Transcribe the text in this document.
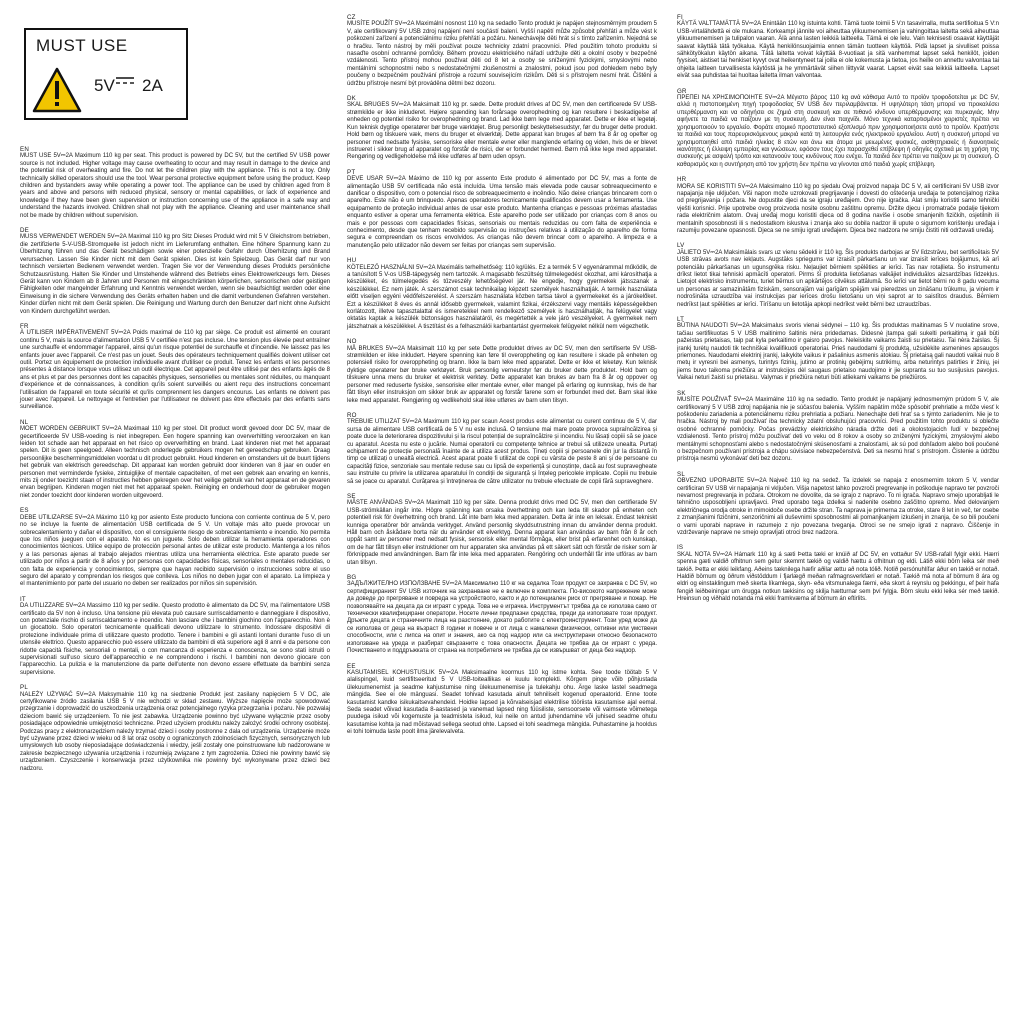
MUST USE
5V 2A
EN
MUST USE 5V⎓2A Maximum 110 kg per seat. This product is powered by DC 5V, but the certified 5V USB power source is not included. Higher voltage may cause overheating to occur and may result in damage to the device and the potential risk of overheating and fire. Do not let the children play with the appliance. This is not a toy. Only technically skilled operators should use the tool. Wear personal protective equipment before using the product. Keep children and bystanders away while operating a power tool. The appliance can be used by children aged from 8 years and above and persons with reduced physical, sensory or mental capabilities, or lack of experience and knowledge if they have been given supervision or instruction concerning use of the appliance in a safe way and understand the hazards involved. Children shall not play with the appliance. Cleaning and user maintenance shall not be made by children without supervision.
DE
MUSS VERWENDET WERDEN 5V⎓2A Maximal 110 kg pro Sitz Dieses Produkt wird mit 5 V Gleichstrom betrieben, die zertifizierte 5-V-USB-Stromquelle ist jedoch nicht im Lieferumfang enthalten. Eine höhere Spannung kann zu Überhitzung führen und das Gerät beschädigen sowie einer potenzielle Gefahr durch Überhitzung und Brand verursachen. Lassen Sie Kinder nicht mit dem Gerät spielen. Dies ist kein Spielzeug. Das Gerät darf nur von technisch versierten Bedienern verwendet werden. Tragen Sie vor der Verwendung dieses Produkts persönliche Schutzausrüstung. Halten Sie Kinder und Umstehende während des Betriebs eines Elektrowerkzeugs fern. Dieses Gerät kann von Kindern ab 8 Jahren und Personen mit eingeschränkten körperlichen, sensorischen oder geistigen Fähigkeiten oder mangelnder Erfahrung und Kenntnis verwendet werden, wenn sie beaufsichtigt werden oder eine Einweisung in die sichere Verwendung des Geräts erhalten haben und die damit verbundenen Gefahren verstehen. Kinder dürfen nicht mit dem Gerät spielen. Die Reinigung und Wartung durch den Benutzer darf nicht ohne Aufsicht von Kindern durchgeführt werden.
FR
À UTILISER IMPÉRATIVEMENT 5V⎓2A Poids maximal de 110 kg par siège. Ce produit est alimenté en courant continu 5 V, mais la source d'alimentation USB 5 V certifiée n'est pas incluse. Une tension plus élevée peut entraîner une surchauffe et endommager l'appareil, ainsi qu'un risque potentiel de surchauffe et d'incendie. Ne laissez pas les enfants jouer avec l'appareil. Ce n'est pas un jouet. Seuls des opérateurs techniquement qualifiés doivent utiliser cet outil. Portez un équipement de protection individuelle avant d'utiliser ce produit. Tenez les enfants et les personnes présentes à distance lorsque vous utilisez un outil électrique. Cet appareil peut être utilisé par des enfants âgés de 8 ans et plus et par des personnes dont les capacités physiques, sensorielles ou mentales sont réduites, ou manquant d'expérience et de connaissances, à condition qu'ils soient surveillés ou aient reçu des instructions concernant l'utilisation de l'appareil en toute sécurité et qu'ils comprennent les dangers encourus. Les enfants ne doivent pas jouer avec l'appareil. Le nettoyage et l'entretien par l'utilisateur ne doivent pas être effectués par des enfants sans surveillance.
NL
MOET WORDEN GEBRUIKT 5V⎓2A Maximaal 110 kg per stoel. Dit product wordt gevoed door DC 5V, maar de gecertificeerde 5V USB-voeding is niet inbegrepen. Een hogere spanning kan oververhitting veroorzaken en kan leiden tot schade aan het apparaat en het risico op oververhitting en brand. Laat kinderen niet met het apparaat spelen. Dit is geen speelgoed. Alleen technisch onderlegde gebruikers mogen het gereedschap gebruiken. Draag persoonlijke beschermingsmiddelen voordat u dit product gebruikt. Houd kinderen en omstanders uit de buurt tijdens het gebruik van elektrisch gereedschap. Dit apparaat kan worden gebruikt door kinderen van 8 jaar en ouder en personen met verminderde fysieke, zintuiglijke of mentale capaciteiten, of met een gebrek aan ervaring en kennis, mits zij onder toezicht staan of instructies hebben gekregen over het veilige gebruik van het apparaat en de gevaren ervan begrijpen. Kinderen mogen niet met het apparaat spelen. Reiniging en onderhoud door de gebruiker mogen niet zonder toezicht door kinderen worden uitgevoerd.
ES
DEBE UTILIZARSE 5V⎓2A Máximo 110 kg por asiento Este producto funciona con corriente continua de 5 V, pero no se incluye la fuente de alimentación USB certificada de 5 V. Un voltaje más alto puede provocar un sobrecalentamiento y dañar el dispositivo, con el consiguiente riesgo de sobrecalentamiento e incendio. No permita que los niños jueguen con el aparato. No es un juguete. Solo deben utilizar la herramienta operadores con conocimientos técnicos. Utilice equipo de protección personal antes de utilizar este producto. Mantenga a los niños y a las personas ajenas al trabajo alejados mientras utiliza una herramienta eléctrica. Este aparato puede ser utilizado por niños a partir de 8 años y por personas con capacidades físicas, sensoriales o mentales reducidas, o con falta de experiencia y conocimientos, siempre que hayan recibido supervisión o instrucciones sobre el uso seguro del aparato y comprendan los riesgos que conlleva. Los niños no deben jugar con el aparato. La limpieza y el mantenimiento por parte del usuario no deben ser realizados por niños sin supervisión.
IT
DA UTILIZZARE 5V⎓2A Massimo 110 kg per sedile. Questo prodotto è alimentato da DC 5V, ma l'alimentatore USB certificato da 5V non è incluso. Una tensione più elevata può causare surriscaldamento e danneggiare il dispositivo, con potenziale rischio di surriscaldamento e incendio. Non lasciare che i bambini giochino con l'apparecchio. Non è un giocattolo. Solo operatori tecnicamente qualificati devono utilizzare lo strumento. Indossare dispositivi di protezione individuale prima di utilizzare questo prodotto. Tenere i bambini e gli astanti lontani durante l'uso di un utensile elettrico. Questo apparecchio può essere utilizzato da bambini di età superiore agli 8 anni e da persone con ridotte capacità fisiche, sensoriali o mentali, o con mancanza di esperienza e conoscenza, se sono stati istruiti o supervisionati sull'uso sicuro dell'apparecchio e ne comprendono i rischi. I bambini non devono giocare con l'apparecchio. La pulizia e la manutenzione da parte dell'utente non devono essere effettuate da bambini senza supervisione.
PL
NALEŻY UŻYWAĆ 5V⎓2A Maksymalnie 110 kg na siedzenie Produkt jest zasilany napięciem 5 V DC, ale certyfikowane źródło zasilania USB 5 V nie wchodzi w skład zestawu. Wyższe napięcie może spowodować przegrzanie i doprowadzić do uszkodzenia urządzenia oraz potencjalnego ryzyka przegrzania i pożaru. Nie pozwalaj dzieciom bawić się urządzeniem. To nie jest zabawka. Urządzenie powinno być używane wyłącznie przez osoby posiadające odpowiednie umiejętności techniczne. Przed użyciem produktu należy założyć środki ochrony osobistej. Podczas pracy z elektronarzędziem należy trzymać dzieci i osoby postronne z dala od urządzenia. Urządzenie może być używane przez dzieci w wieku od 8 lat oraz osoby o ograniczonych zdolnościach fizycznych, sensorycznych lub umysłowych lub osoby nieposiadające doświadczenia i wiedzy, jeśli zostały one poinstruowane lub nadzorowane w zakresie bezpiecznego używania urządzenia i rozumieją związane z tym zagrożenia. Dzieci nie powinny bawić się urządzeniem. Czyszczenie i konserwacja przez użytkownika nie powinny być wykonywane przez dzieci bez nadzoru.
CZ
MUSÍTE POUŽÍT 5V⎓2A Maximální nosnost 110 kg na sedadlo Tento produkt je napájen stejnosměrným proudem 5 V, ale certifikovaný 5V USB zdroj napájení není součástí balení. Vyšší napětí může způsobit přehřátí a může vést k poškození zařízení a potenciálnímu riziku přehřátí a požáru. Nenechávejte děti hrát si s tímto zařízením. Nejedná se o hračku. Tento nástroj by měli používat pouze technicky zdatní pracovníci. Před použitím tohoto produktu si nasaďte osobní ochranné pomůcky. Během provozu elektrického nářadí udržujte děti a okolní osoby v bezpečné vzdálenosti. Tento přístroj mohou používat děti od 8 let a osoby se sníženými fyzickými, smyslovými nebo mentálními schopnostmi nebo s nedostatečnými zkušenostmi a znalostmi, pokud jsou pod dohledem nebo byly poučeny o bezpečném používání přístroje a rozumí souvisejícím rizikům. Děti si s přístrojem nesmí hrát. Čištění a údržbu přístroje nesmí být prováděna dětmi bez dozoru.
DK
SKAL BRUGES 5V⎓2A Maksimalt 110 kg pr. sæde. Dette produkt drives af DC 5V, men den certificerede 5V USB-strømkilde er ikke inkluderet. Højere spænding kan forårsage overophedning og kan resultere i beskadigelse af enheden og potentiel risiko for overophedning og brand. Lad ikke børn lege med apparatet. Dette er ikke et legetøj. Kun teknisk dygtige operatører bør bruge værktøjet. Brug personligt beskyttelsesudstyr, før du bruger dette produkt. Hold børn og tilskuere væk, mens du bruger et elværktøj. Dette apparat kan bruges af børn fra 8 år og opefter og personer med nedsatte fysiske, sensoriske eller mentale evner eller manglende erfaring og viden, hvis de er blevet instrueret i sikker brug af apparatet og forstår de risici, der er forbundet hermed. Børn må ikke lege med apparatet. Rengøring og vedligeholdelse må ikke udføres af børn uden opsyn.
PT
DEVE USAR 5V⎓2A Máximo de 110 kg por assento Este produto é alimentado por DC 5V, mas a fonte de alimentação USB 5V certificada não está incluída. Uma tensão mais elevada pode causar sobreaquecimento e danificar o dispositivo, com o potencial risco de sobreaquecimento e incêndio. Não deixe crianças brincarem com o aparelho. Este não é um brinquedo. Apenas operadores tecnicamente qualificados devem usar a ferramenta. Use equipamento de proteção individual antes de usar este produto. Mantenha crianças e pessoas próximas afastadas enquanto estiver a operar uma ferramenta elétrica. Este aparelho pode ser utilizado por crianças com 8 anos ou mais e por pessoas com capacidades físicas, sensoriais ou mentais reduzidas ou com falta de experiência e conhecimento, desde que tenham recebido supervisão ou instruções relativas à utilização do aparelho de forma segura e compreendam os riscos envolvidos. As crianças não devem brincar com o aparelho. A limpeza e a manutenção pelo utilizador não devem ser feitas por crianças sem supervisão.
HU
KÖTELEZŐ HASZNÁLNI 5V⎓2A Maximális terhelhetőség: 110 kg/ülés. Ez a termék 5 V egyenárammal működik, de a tanúsított 5 V-os USB-tápegység nem tartozék. A magasabb feszültség túlmelegedést okozhat, ami károsíthatja a készüléket, és túlmelegedés és tűzveszély lehetőségével jár. Ne engedje, hogy gyermekek játsszanak a készülékkel. Ez nem játék. A szerszámot csak technikailag képzett személyek használhatják. A termék használata előtt viseljen egyéni védőfelszerelést. A szerszám használata közben tartsa távol a gyermekeket és a járókelőket. Ezt a készüléket 8 éves és annál idősebb gyermekek, valamint fizikai, érzékszervi vagy mentális képességeikben korlátozott, illetve tapasztalattal és ismeretekkel nem rendelkező személyek is használhatják, ha felügyelet vagy oktatás kaptak a készülék biztonságos használatáról, és megértették a vele járó veszélyeket. A gyermekek nem játszhatnak a készülékkel. A tisztítást és a felhasználói karbantartást gyermekek felügyelet nélkül nem végezhetik.
NO
MÅ BRUKES 5V⎓2A Maksimalt 110 kg per sete Dette produktet drives av DC 5V, men den sertifiserte 5V USB-strømkilden er ikke inkludert. Høyere spenning kan føre til overoppheting og kan resultere i skade på enheten og potensiell risiko for overoppheting og brann. Ikke la barn leke med apparatet. Dette er ikke et leketøy. Kun teknisk dyktige operatører bør bruke verktøyet. Bruk personlig verneutstyr før du bruker dette produktet. Hold barn og tilskuere unna mens du bruker et elektrisk verktøy. Dette apparatet kan brukes av barn fra 8 år og oppover og personer med reduserte fysiske, sensoriske eller mentale evner, eller mangel på erfaring og kunnskap, hvis de har fått tilsyn eller instruksjon om sikker bruk av apparatet og forstår farene som er forbundet med det. Barn skal ikke leke med apparatet. Rengjøring og vedlikehold skal ikke utføres av barn uten tilsyn.
RO
TREBUIE UTILIZAT 5V⎓2A Maximum 110 kg per scaun Acest produs este alimentat cu curent continuu de 5 V, dar sursa de alimentare USB certificată de 5 V nu este inclusă. O tensiune mai mare poate provoca supraîncălzirea și poate duce la deteriorarea dispozitivului și la riscul potențial de supraîncălzire și incendiu. Nu lăsați copiii să se joace cu aparatul. Acesta nu este o jucărie. Numai operatorii cu competențe tehnice ar trebui să utilizeze unealta. Purtați echipament de protecție personală înainte de a utiliza acest produs. Țineți copiii și persoanele din jur la distanță în timp ce utilizați o unealtă electrică. Acest aparat poate fi utilizat de copii cu vârsta de peste 8 ani și de persoane cu capacități fizice, senzoriale sau mentale reduse sau cu lipsă de experiență și cunoștințe, dacă au fost supravegheate sau instruite cu privire la utilizarea aparatului în condiții de siguranță și înțeleg pericolele implicate. Copiii nu trebuie să se joace cu aparatul. Curățarea și întreținerea de către utilizator nu trebuie efectuate de copii fără supraveghere.
SE
MÅSTE ANVÄNDAS 5V⎓2A Maximalt 110 kg per säte. Denna produkt drivs med DC 5V, men den certifierade 5V USB-strömkällan ingår inte. Högre spänning kan orsaka överhettning och kan leda till skador på enheten och potentiell risk för överhettning och brand. Låt inte barn leka med apparaten. Detta är inte en leksak. Endast tekniskt kunniga operatörer bör använda verktyget. Använd personlig skyddsutrustning innan du använder denna produkt. Håll barn och åskådare borta när du använder ett elverktyg. Denna apparat kan användas av barn från 8 år och uppåt samt av personer med nedsatt fysisk, sensorisk eller mental förmåga, eller brist på erfarenhet och kunskap, om de har fått tillsyn eller instruktioner om hur apparaten ska användas på ett säkert sätt och förstår de risker som är förknippade med användningen. Barn får inte leka med apparaten. Rengöring och underhåll får inte utföras av barn utan tillsyn.
BG
ЗАДЪЛЖИТЕЛНО ИЗПОЛЗВАНЕ 5V⎓2A Максимално 110 кг на седалка Този продукт се захранва с DC 5V, но сертифицираният 5V USB източник на захранване не е включен в комплекта. По-високото напрежение може да доведе до прегряване и повреда на устройството, както и до потенциален риск от прегряване и пожар. Не позволявайте на децата да си играят с уреда. Това не е играчка. Инструментът трябва да се използва само от технически квалифицирани оператори. Носете лични предпазни средства, преди да използвате този продукт. Дръжте децата и страничните лица на разстояние, докато работите с електроинструмент. Този уред може да се използва от деца на възраст 8 години и повече и от лица с намалени физически, сетивни или умствени способности, или с липса на опит и знания, ако са под надзор или са инструктирани относно безопасното използване на уреда и разбират свързаните с това опасности. Децата не трябва да си играят с уреда. Почистването и поддръжката от страна на потребителя не трябва да се извършват от деца без надзор.
EE
KASUTAMISEL KOHUSTUSLIK 5V⎓2A Maksimaalne koormus 110 kg istme kohta. See toode töötab 5 V alalispingel, kuid sertifitseeritud 5 V USB-toiteallikas ei kuulu komplekti. Kõrgem pinge võib põhjustada ülekuumenemist ja seadme kahjustumise ning ülekuumenemise ja tulekahju ohu. Ärge laske lastel seadmega mängida. See ei ole mänguasi. Seadet tohivad kasutada ainult tehniliselt kogenud operaatorid. Enne toote kasutamist kandke isikukaitsevahendeid. Hoidke lapsed ja kõrvalseisjad elektrilise tööriista kasutamise ajal eemal. Seda seadet võivad kasutada 8-aastased ja vanemad lapsed ning füüsiliste, sensoorsete või vaimsete võimetega puudega isikud või kogemuste ja teadmisteta isikud, kui neile on antud juhendamine või juhised seadme ohutu kasutamise kohta ja nad mõistavad sellega seotud ohte. Lapsed ei tohi seadmega mängida. Puhastamine ja hooldus ei tohi toimuda laste poolt ilma järelevalveta.
FI
KÄYTÄ VALTTAMÄTTÄ 5V⎓2A Enintään 110 kg istuinta kohti. Tämä tuote toimii 5 V:n tasavirralla, mutta sertifioitua 5 V:n USB-virtalähdettä ei ole mukana. Korkeampi jännite voi aiheuttaa ylikuumenemisen ja vahingoittaa laitetta sekä aiheuttaa ylikuumenemisen ja tulipalon vaaran. Älä anna lasten leikkiä laitteella. Tämä ei ole lelu. Vain teknisesti osaavat käyttäjät saavat käyttää tätä työkalua. Käytä henkilönsuojaimia ennen tämän tuotteen käyttöä. Pidä lapset ja sivulliset poissa sähkötyökalun käytön aikana. Tätä laitetta voivat käyttää 8-vuotiaat ja sitä vanhemmat lapset sekä henkilöt, joiden fyysiset, aistiset tai henkiset kyvyt ovat heikentyneet tai joilla ei ole kokemusta ja tietoa, jos heille on annettu valvontaa tai ohjeita laitteen turvallisesta käytöstä ja he ymmärtävät siihen liittyvät vaarat. Lapset eivät saa leikkiä laitteella. Lapset eivät saa puhdistaa tai huoltaa laitetta ilman valvontaa.
GR
ΠΡΕΠΕΙ ΝΑ ΧΡΗΣΙΜΟΠΟΙΗΤΕ 5V⎓2A Μέγιστο βάρος 110 kg ανά κάθισμα Αυτό το προϊόν τροφοδοτείται με DC 5V, αλλά η πιστοποιημένη πηγή τροφοδοσίας 5V USB δεν περιλαμβάνεται. Η υψηλότερη τάση μπορεί να προκαλέσει υπερθέρμανση και να οδηγήσει σε ζημιά στη συσκευή και σε πιθανό κίνδυνο υπερθέρμανσης και πυρκαγιάς. Μην αφήνετε τα παιδιά να παίζουν με τη συσκευή. Δεν είναι παιχνίδι. Μόνο τεχνικά καταρτισμένοι χειριστές πρέπει να χρησιμοποιούν το εργαλείο. Φοράτε ατομικό προστατευτικό εξοπλισμό πριν χρησιμοποιήσετε αυτό το προϊόν. Κρατήστε τα παιδιά και τους παρευρισκόμενους μακριά κατά τη λειτουργία ενός ηλεκτρικού εργαλείου. Αυτή η συσκευή μπορεί να χρησιμοποιηθεί από παιδιά ηλικίας 8 ετών και άνω και άτομα με μειωμένες φυσικές, αισθητηριακές ή διανοητικές ικανότητες ή έλλειψη εμπειρίας και γνώσεων, εφόσον τους έχει παρασχεθεί επίβλεψη ή οδηγίες σχετικά με τη χρήση της συσκευής με ασφαλή τρόπο και κατανοούν τους κινδύνους που ενέχει. Τα παιδιά δεν πρέπει να παίζουν με τη συσκευή. Ο καθαρισμός και η συντήρηση από τον χρήστη δεν πρέπει να γίνονται από παιδιά χωρίς επίβλεψη.
HR
MORA SE KORISTITI 5V⎓2A Maksimalno 110 kg po sjedalu Ovaj proizvod napaja DC 5 V, ali certificirani 5V USB izvor napajanja nije uključen. Viši napon može uzrokovati pregrijavanje i dovesti do oštećenja uređaja te potencijalnog rizika od pregrijavanja i požara. Ne dopustite djeci da se igraju uređajem. Ovo nije igračka. Alat smiju koristiti samo tehnički vješti korisnici. Prije upotrebe ovog proizvoda nosite osobnu zaštitnu opremu. Držite djecu i promatrače podalje tijekom rada električnim alatom. Ovaj uređaj mogu koristiti djeca od 8 godina naviše i osobe smanjenih fizičkih, osjetilnih ili mentalnih sposobnosti ili s nedostatkom iskustva i znanja ako su dobila nadzor ili upute o sigurnom korištenju uređaja i razumiju povezane opasnosti. Djeca se ne smiju igrati uređajem. Djeca bez nadzora ne smiju čistiti niti održavati uređaj.
LV
JĀLIETO 5V⎓2A Maksimālais svars uz vienu sēdekli ir 110 kg. Šis produkts darbojas ar 5V līdzstrāvu, bet sertificētais 5V USB strāvas avots nav iekļauts. Augstāks spriegums var izraisīt pārkaršanu un var izraisīt ierīces bojājumus, kā arī potenciālu pārkaršanas un ugunsgrēka risku. Neļaujiet bērniem spēlēties ar ierīci. Tas nav rotaļlieta. Šo instrumentu drīkst lietot tikai tehniski apmācīti operatori. Pirms šī produkta lietošanas valkājiet individuālos aizsardzības līdzekļus. Lietojot elektrisko instrumentu, turiet bērnus un apkārtējos cilvēkus attālumā. So ierīci var lietot bērni no 8 gadu vecuma un personas ar samazinātām fiziskām, sensorajām vai garīgām spējām vai pieredzes un zināšanu trūkumu, ja viņiem ir nodrošināta uzraudzība vai instrukcijas par ierīces drošu lietošanu un viņi saprot ar to saistītos draudus. Bērniem nedrīkst ļaut spēlēties ar ierīci. Tīrīšanu un lietotāja apkopi nedrīkst veikt bērni bez uzraudzības.
LT
BŪTINA NAUDOTI 5V⎓2A Maksimalus svoris vienai sėdynei – 110 kg. Šis produktas maitinamas 5 V nuolatine srove, tačiau sertifikuotas 5 V USB maitinimo šaltinis nėra pridedamas. Didesnė įtampa gali sukelti perkaitimą ir gali būti pažeistas prietaisas, taip pat kyla perkaitimo ir gaisro pavojus. Neleiskite vaikams žaisti su prietaisu. Tai nėra žaislas. Šį įrankį turėtų naudoti tik techniškai kvalifikuoti operatoriai. Prieš naudodami šį produktą, užsidėkite asmenines apsaugos priemones. Naudodami elektrinį įrankį, laikykite vaikus ir pašalinius asmenis atokiau. Šį prietaisą gali naudoti vaikai nuo 8 metų ir vyresni bei asmenys, turintys fizinių, jutimo ar protinių gebėjimų sutrikimų, arba neturintys patirties ir žinių, jei jiems buvo taikoma priežiūra ar instrukcijos dėl saugaus prietaiso naudojimo ir jie supranta su tuo susijusius pavojus. Vaikai neturi žaisti su prietaisu. Valymas ir priežiūra neturi būti atliekami vaikams be priežiūros.
SK
MUSÍTE POUŽIVAŤ 5V⎓2A Maximálne 110 kg na sedadlo. Tento produkt je napájaný jednosmerným prúdom 5 V, ale certifikovaný 5 V USB zdroj napájania nie je súčasťou balenia. Vyšším napätím môže spôsobiť prehriatie a môže viesť k poškodeniu zariadenia a potenciálnemu riziku prehriatia a požiaru. Nenechajte deti hrať sa s týmto zariadením. Nie je to hračka. Nástroj by mali používať iba technicky zdatní obsluhujúci pracovníci. Pred použitím tohto produktu si oblečte osobné ochranné pomôcky. Počas prevádzky elektrického náradia držte deti a okolostojacich ľudí v bezpečnej vzdialenosti. Tento prístroj môžu používať deti vo veku od 8 rokov a osoby so zníženými fyzickými, zmyslovými alebo mentálnymi schopnosťami alebo s nedostatočnými skúsenosťami a znalosťami, ak sú pod dohľadom alebo boli poučené o bezpečnom používaní prístroja a chápu súvisiace nebezpečenstvá. Deti sa nesmú hrať s prístrojom. Čistenie a údržbu prístroja nesmú vykonávať deti bez dozoru.
SL
OBVEZNO UPORABITE 5V⎓2A Največ 110 kg na sedež. Ta izdelek se napaja z enosmernim tokom 5 V, vendar certificiran 5V USB vir napajanja ni vključen. Višja napetost lahko povzroči pregrevanje in poškoduje napravo ter povzroči nevarnost pregrevanja in požara. Otrokom ne dovolite, da se igrajo z napravo. To ni igrača. Napravo smejo uporabljati le tehnično usposobljeni upravljavci. Pred uporabo tega izdelka si nadenite osebno zaščitno opremo. Med delovanjem električnega orodja otroke in mimoidoče osebe držite stran. Ta naprava je primerna za otroke, stare 8 let in več, ter osebe z zmanjšanimi fizičnimi, senzoričnimi ali duševnimi sposobnostmi ali pomanjkanjem izkušenj in znanja, če so bili poučeni o varni uporabi naprave in razumejo z njo povezana tveganja. Otroci se ne smejo igrati z napravo. Čiščenje in vzdrževanje naprave ne smejo opravljati otroci brez nadzora.
IS
SKAL NOTA 5V⎓2A Hámark 110 kg á sæti Þetta tæki er knúið af DC 5V, en vottaður 5V USB-rafall fylgir ekki. Hærri spenna gæti valdið ofhitnun sem getur skemmt tækið og valdið hættu á ofhitnun og eldi. Látið ekki börn leika sér með tækið. Þetta er ekki leikfang. Aðeins tæknilega hæfir aðilar ættu að nota tólið. Notið persónuhlífar áður en tækið er notað. Haldið börnum og öðrum viðstöddum í fjarlægð meðan rafmagnsverkfæri er notað. Tækið má nota af börnum 8 ára og eldri og einstaklingum með skerta líkamlega, skyn- eða vitsmunalega færni, eða skort á reynslu og þekkingu, ef þeir hafa fengið leiðbeiningar um örugga notkun tækisins og skilja hætturnar sem því fylgja. Börn skulu ekki leika sér með tækið. Hreinsun og viðhald notanda má ekki framkvæma af börnum án eftirlits.
